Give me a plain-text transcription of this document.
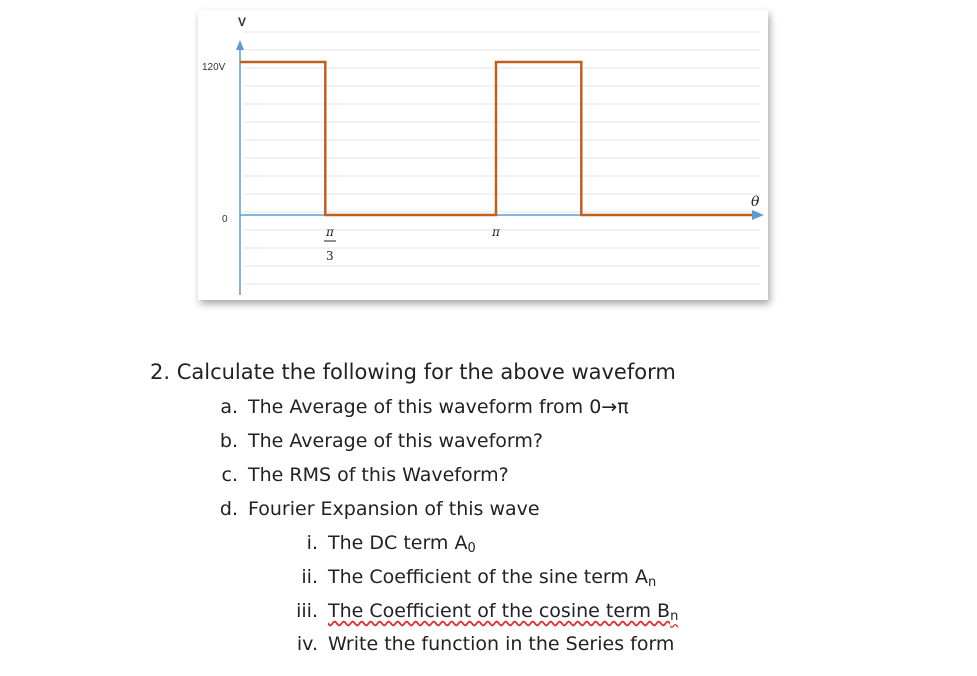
V
120V
0
θ
π
3
π
2. Calculate the following for the above waveform
a. The Average of this waveform from 0→π
b. The Average of this waveform?
c. The RMS of this Waveform?
d. Fourier Expansion of this wave
i. The DC term $A_0$
ii. The Coefficient of the sine term $A_n$
iii. The Coefficient of the cosine term $B_n$
iv. Write the function in the Series form
